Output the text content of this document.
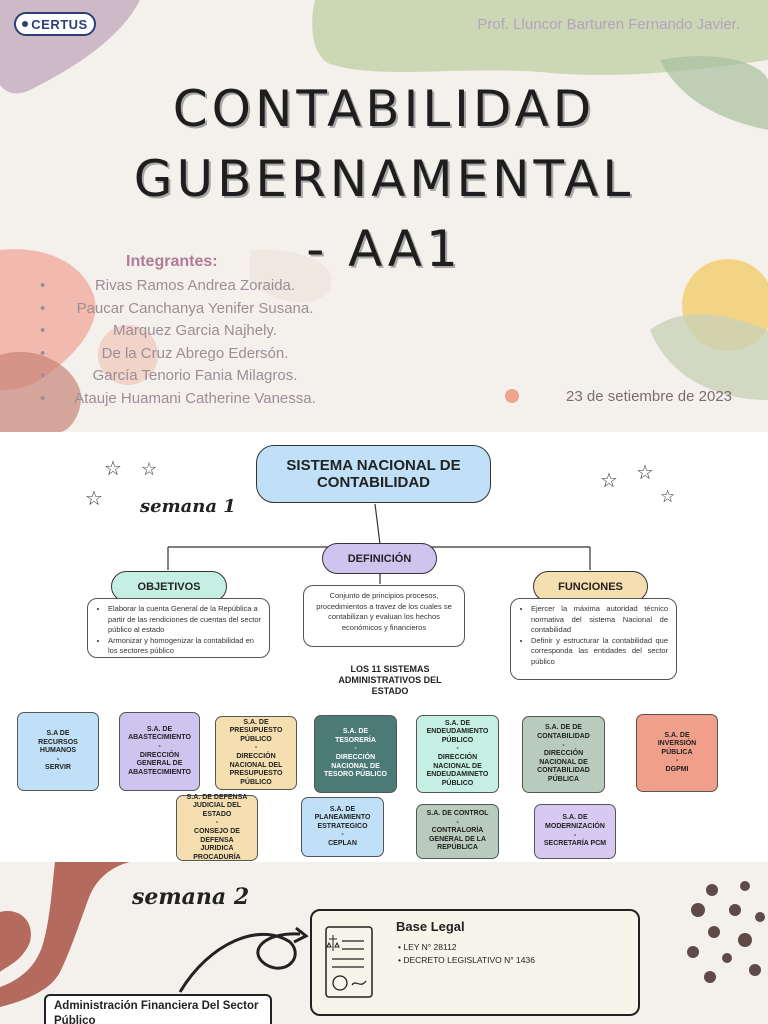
CERTUS	Prof. Lluncor Barturen Fernando Javier.
CONTABILIDAD
GUBERNAMENTAL
- AA1
Integrantes:
• Rivas Ramos Andrea Zoraida.
• Paucar Canchanya Yenifer Susana.
• Marquez Garcia Najhely.
• De la Cruz Abrego Edersón.
• García Tenorio Fania Milagros.
• Atauje Huamani Catherine Vanessa.	23 de setiembre de 2023
☆ ☆
☆
☆ ☆
☆
semana 1
SISTEMA NACIONAL DE
CONTABILIDAD
DEFINICIÓN
Conjunto de principios procesos, procedimientos a travez de los cuales se contabilizan y evaluan los hechos económicos y financieros
OBJETIVOS
• Elaborar la cuenta General de la República a partir de las rendiciones de cuentas del sector público al estado
• Armonizar y homogenizar la contabilidad en los sectores público
FUNCIONES
• Ejercer la máxima autoridad técnico normativa del sistema Nacional de contabilidad
• Definir y estructurar la contabilidad que corresponda las entidades del sector público
LOS 11 SISTEMAS
ADMINISTRATIVOS DEL
ESTADO
S.A DE
RECURSOS
HUMANOS
-
SERVIR
S.A. DE
ABASTECIMIENTO
-
DIRECCIÓN
GENERAL DE
ABASTECIMIENTO
S.A. DE
PRESUPUESTO
PÚBLICO
-
DIRECCIÓN
NACIONAL DEL
PRESUPUESTO
PÚBLICO
S.A. DE
TESORERÍA
-
DIRECCIÓN
NACIONAL DE
TESORO PÚBLICO
S.A. DE
ENDEUDAMIENTO
PÚBLICO
-
DIRECCIÓN
NACIONAL DE
ENDEUDAMINETO
PÚBLICO
S.A. DE DE
CONTABILIDAD
-
DIRECCIÓN
NACIONAL DE
CONTABILIDAD
PÚBLICA
S.A. DE
INVERSIÓN
PÚBLICA
-
DGPMI
S.A. DE DEFENSA
JUDICIAL DEL
ESTADO
-
CONSEJO DE
DEFENSA
JURIDICA
PROCADURÍA
S.A. DE
PLANEAMIENTO
ESTRATEGICO
-
CEPLAN
S.A. DE CONTROL
-
CONTRALORÍA
GENERAL DE LA
REPÚBLICA
S.A. DE
MODERNIZACIÓN
-
SECRETARÍA PCM
semana 2
Base Legal
• LEY N° 28112
• DECRETO LEGISLATIVO N° 1436
Administración Financiera Del Sector Público
